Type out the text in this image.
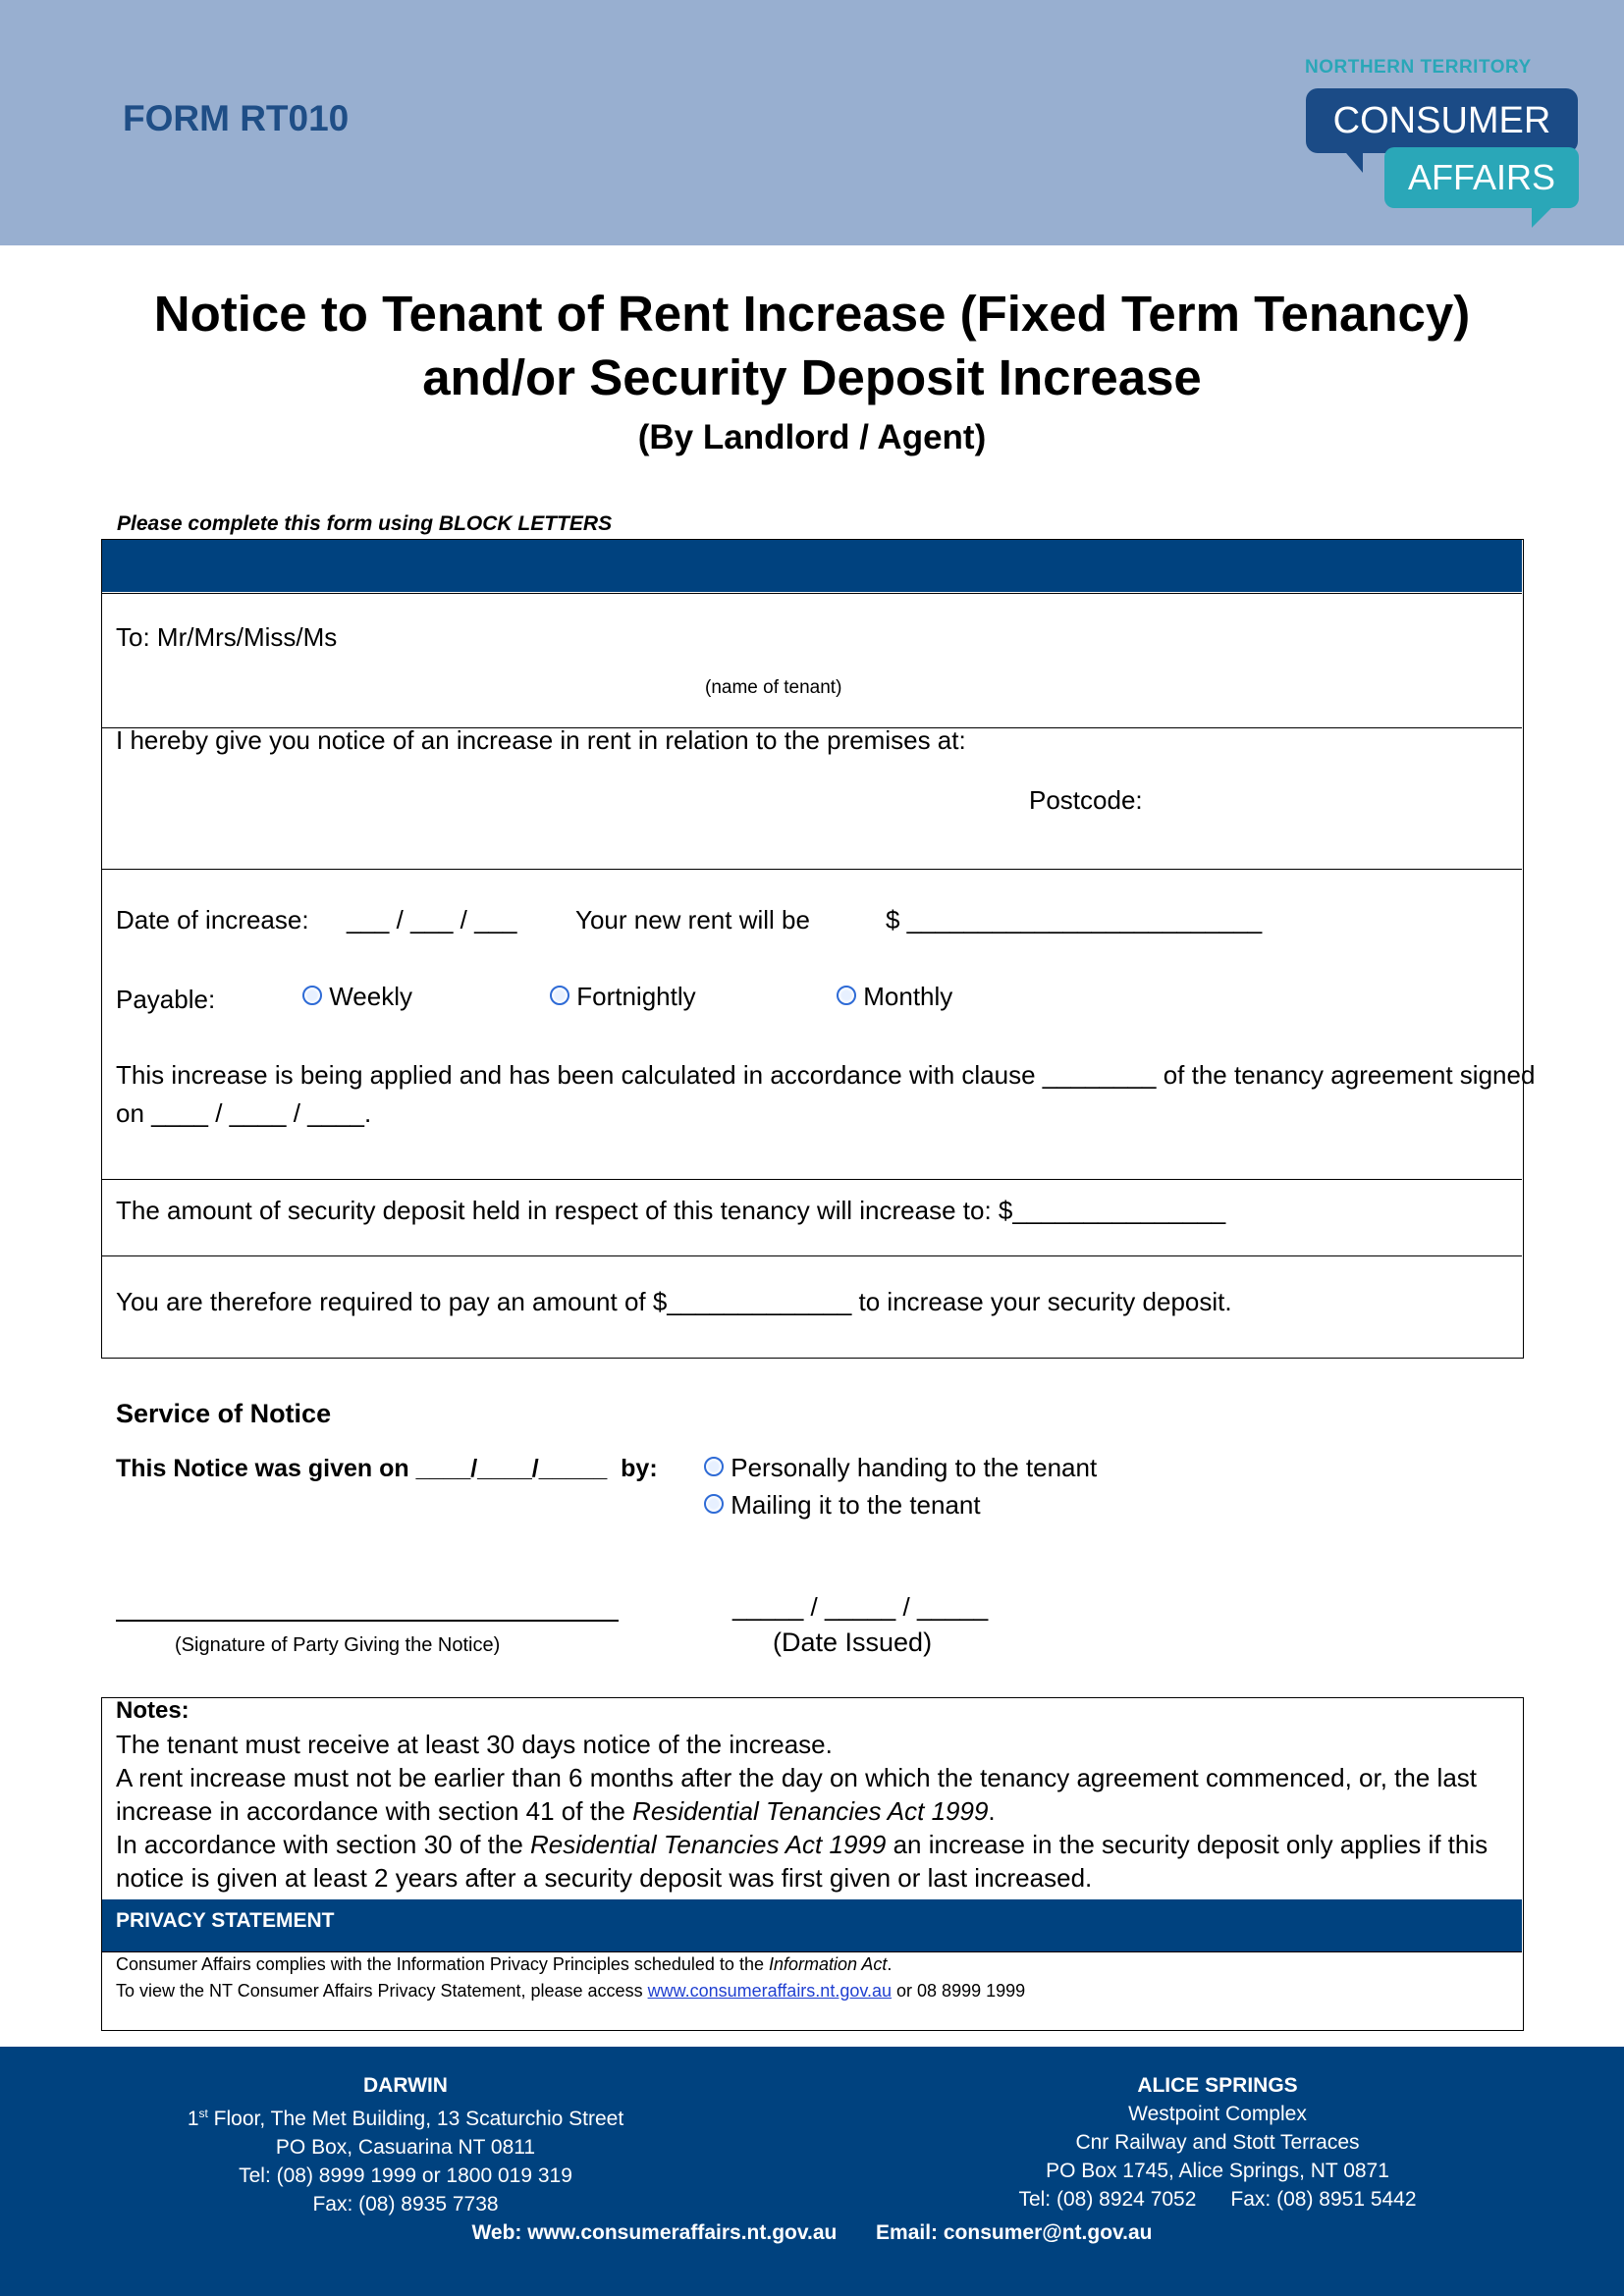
FORM RT010
NORTHERN TERRITORY
CONSUMER
AFFAIRS
Notice to Tenant of Rent Increase (Fixed Term Tenancy)
and/or Security Deposit Increase
(By Landlord / Agent)
Please complete this form using BLOCK LETTERS
To: Mr/Mrs/Miss/Ms
(name of tenant)
I hereby give you notice of an increase in rent in relation to the premises at:
Postcode:
Date of increase: ___ / ___ / ___ Your new rent will be	$ _________________________
Payable:	Weekly	Fortnightly	Monthly
This increase is being applied and has been calculated in accordance with clause ________ of the tenancy agreement signed
on ____ / ____ / ____.
The amount of security deposit held in respect of this tenancy will increase to: $_______________
You are therefore required to pay an amount of $_____________ to increase your security deposit.
Service of Notice
This Notice was given on ____/____/_____  by:	Personally handing to the tenant
Mailing it to the tenant
(Signature of Party Giving the Notice)
_____ / _____ / _____
(Date Issued)
Notes:
The tenant must receive at least 30 days notice of the increase.
A rent increase must not be earlier than 6 months after the day on which the tenancy agreement commenced, or, the last
increase in accordance with section 41 of the Residential Tenancies Act 1999.
In accordance with section 30 of the Residential Tenancies Act 1999 an increase in the security deposit only applies if this
notice is given at least 2 years after a security deposit was first given or last increased.
PRIVACY STATEMENT
Consumer Affairs complies with the Information Privacy Principles scheduled to the Information Act.
To view the NT Consumer Affairs Privacy Statement, please access www.consumeraffairs.nt.gov.au or 08 8999 1999
DARWIN
1st Floor, The Met Building, 13 Scaturchio Street
PO Box, Casuarina NT 0811
Tel: (08) 8999 1999 or 1800 019 319
Fax: (08) 8935 7738
ALICE SPRINGS
Westpoint Complex
Cnr Railway and Stott Terraces
PO Box 1745, Alice Springs, NT 0871
Tel: (08) 8924 7052      Fax: (08) 8951 5442
Web: www.consumeraffairs.nt.gov.au Email: consumer@nt.gov.au
